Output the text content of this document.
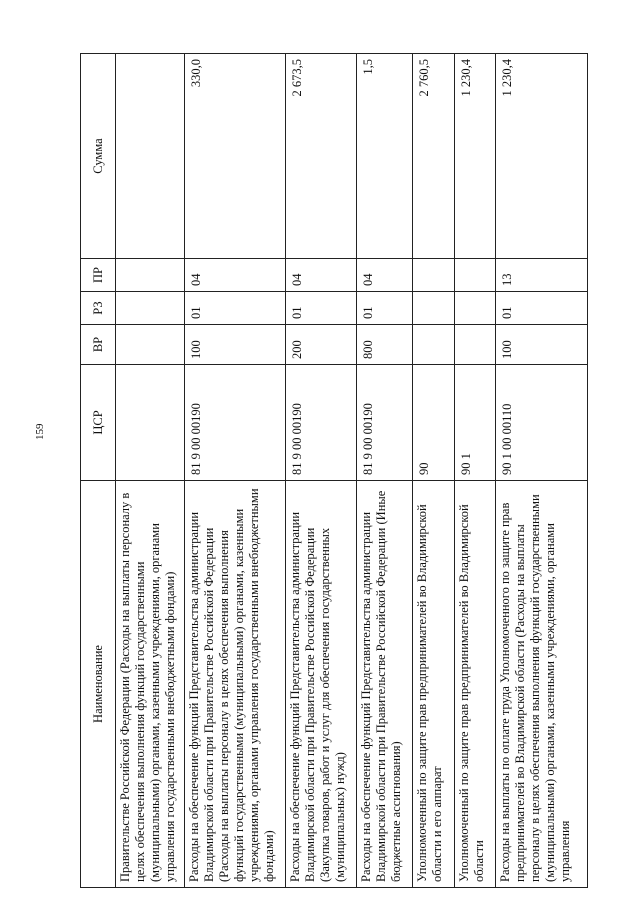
159
Наименование	ЦСР	ВР	РЗ	ПР	Сумма
Правительстве Российской Федерации (Расходы на выплаты персоналу в целях обеспечения выполнения функций государственными (муниципальными) органами, казенными учреждениями, органами управления государственными внебюджетными фондами)					
Расходы на обеспечение функций Представительства администрации Владимирской области при Правительстве Российской Федерации (Расходы на выплаты персоналу в целях обеспечения выполнения функций государственными (муниципальными) органами, казенными учреждениями, органами управления государственными внебюджетными фондами)	81 9 00 00190	100	01	04	330,0
Расходы на обеспечение функций Представительства администрации Владимирской области при Правительстве Российской Федерации (Закупка товаров, работ и услуг для обеспечения государственных (муниципальных) нужд)	81 9 00 00190	200	01	04	2 673,5
Расходы на обеспечение функций Представительства администрации Владимирской области при Правительстве Российской Федерации (Иные бюджетные ассигнования)	81 9 00 00190	800	01	04	1,5
Уполномоченный по защите прав предпринимателей во Владимирской области и его аппарат	90				2 760,5
Уполномоченный по защите прав предпринимателей во Владимирской области	90 1				1 230,4
Расходы на выплаты по оплате труда Уполномоченного по защите прав предпринимателей во Владимирской области (Расходы на выплаты персоналу в целях обеспечения выполнения функций государственными (муниципальными) органами, казенными учреждениями, органами управления	90 1 00 00110	100	01	13	1 230,4
